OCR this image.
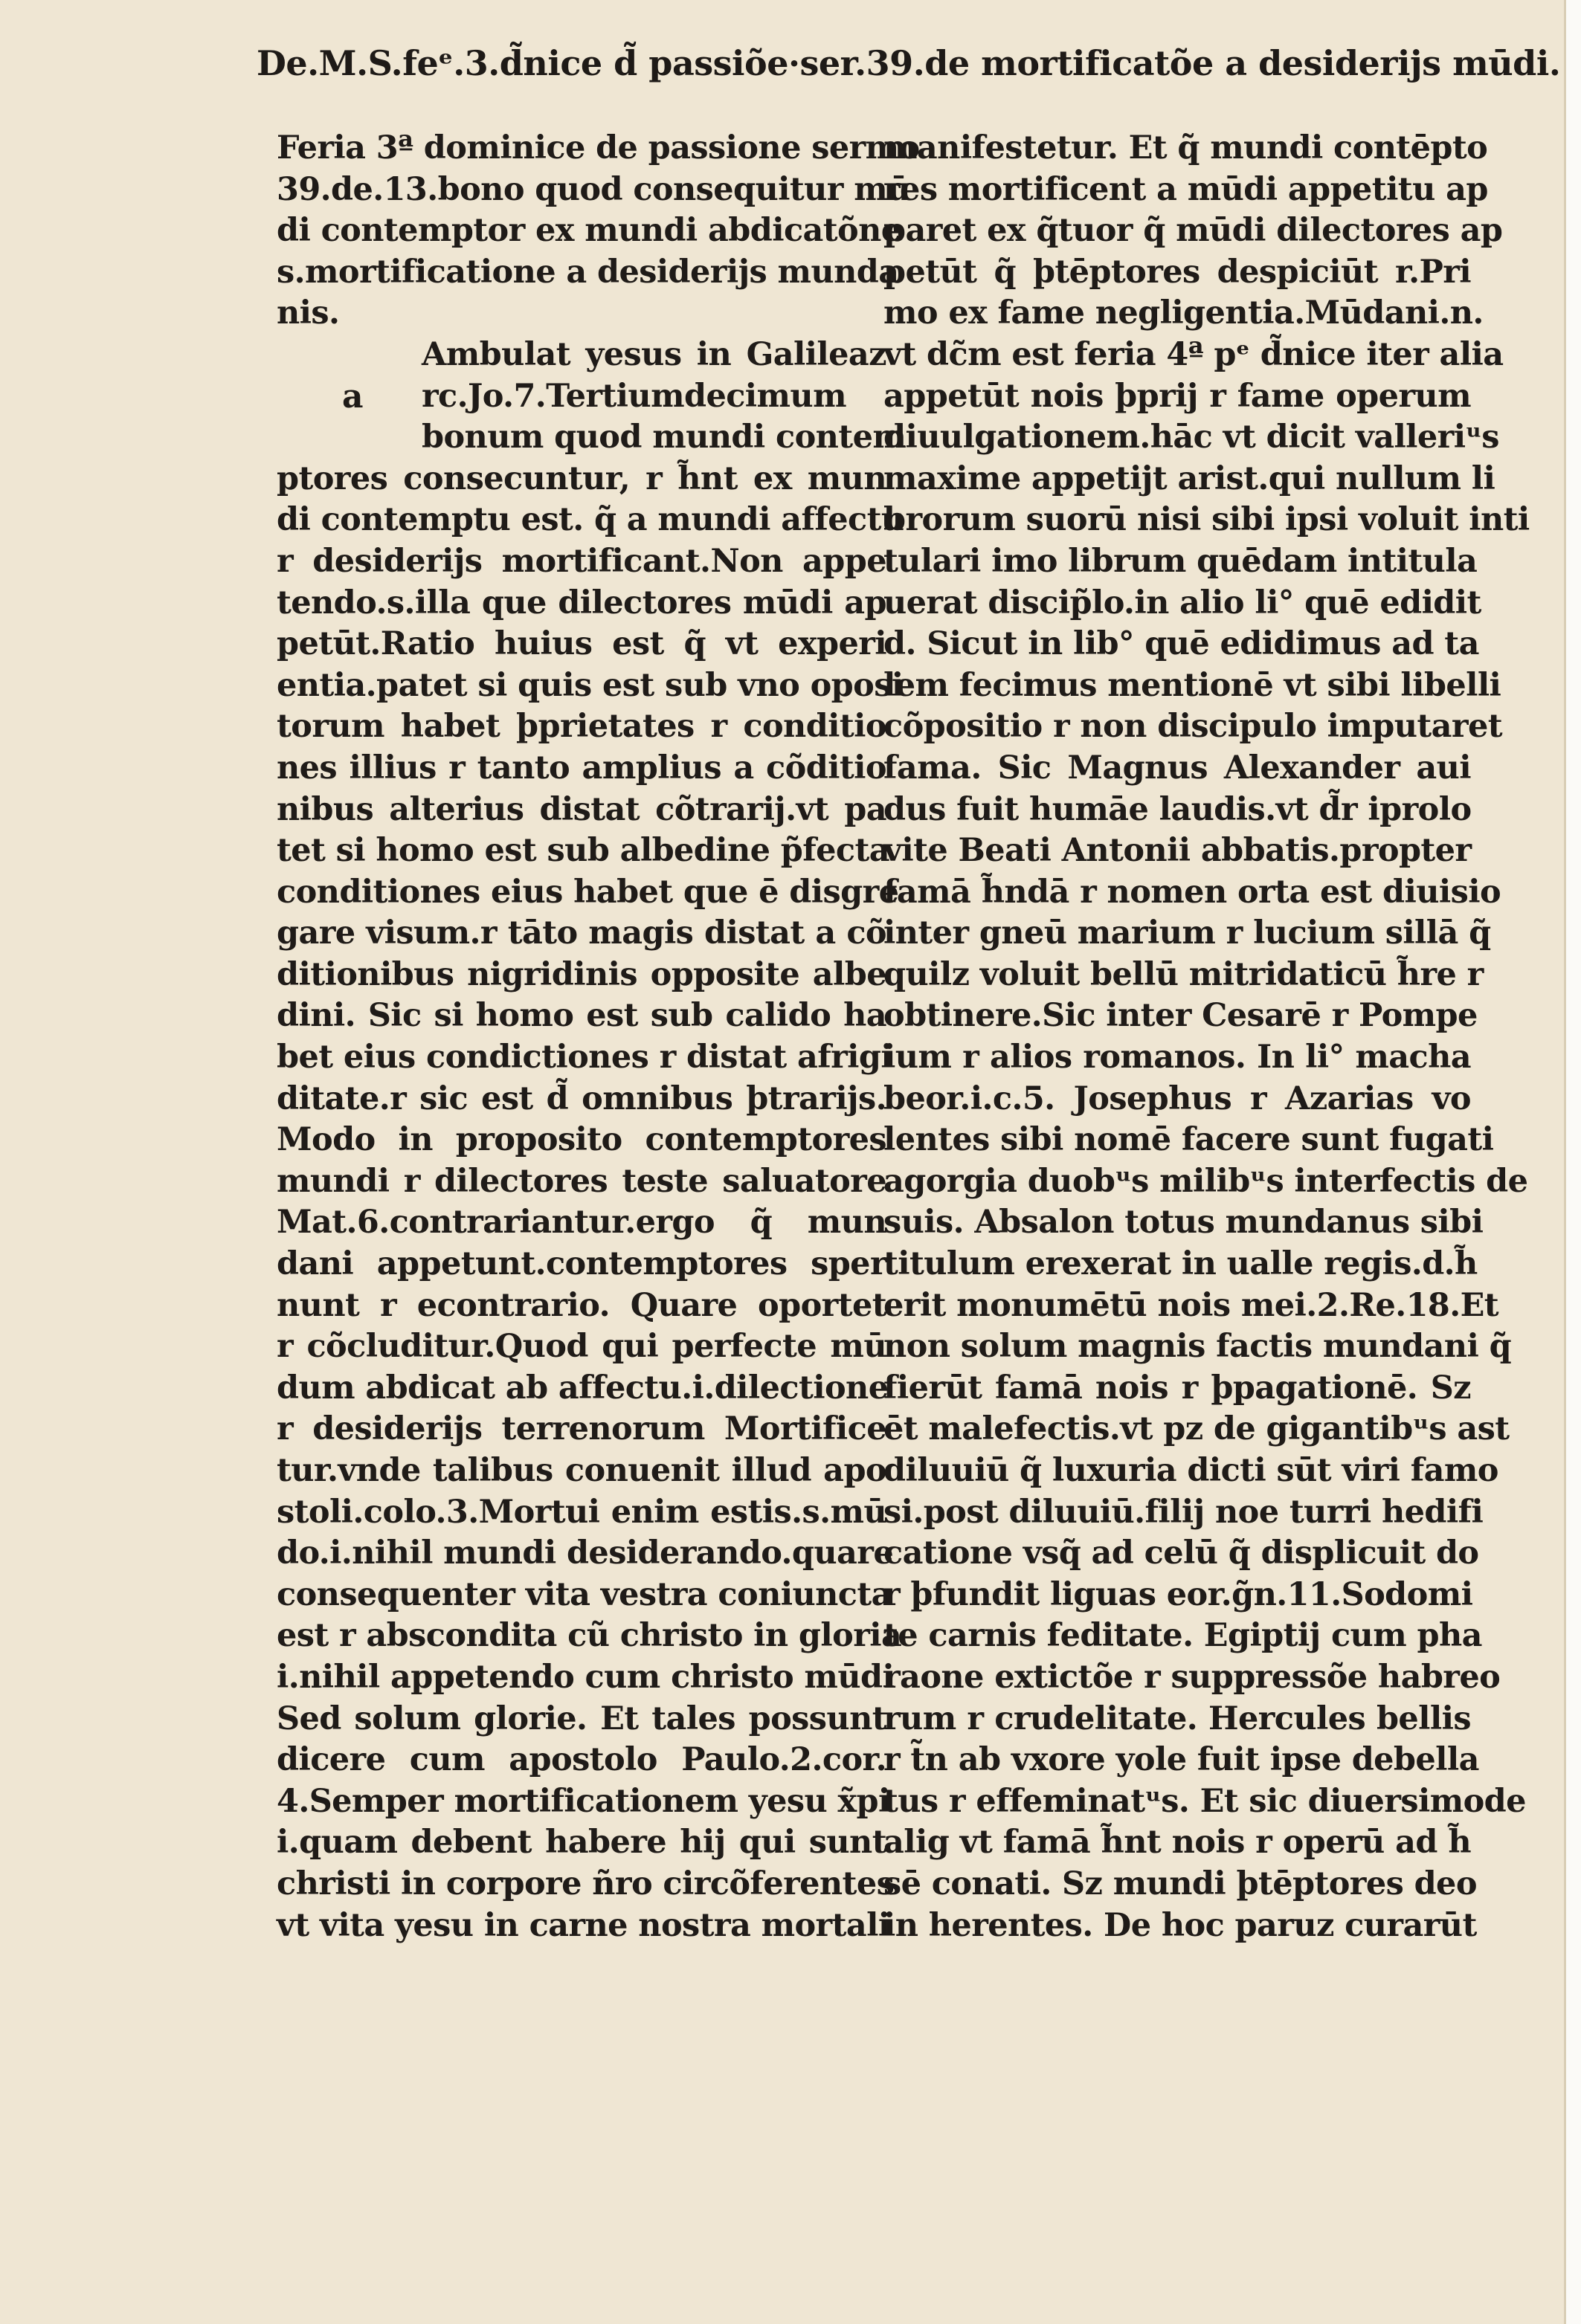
De.M.S.feᵉ.3.d̃nice d̃ passiõe·ser.39.de mortificatõe a desiderijs mūdi.
a
Feria 3ª dominice de passione sermo
39.de.13.bono quod consequitur mū
di contemptor ex mundi abdicatõne
s.mortificatione a desiderijs munda
nis.
Ambulat yesus in Galileaz
rc.Jo.7.Tertiumdecimum
bonum quod mundi contem
ptores consecuntur, r h̃nt ex mun
di contemptu est. q̃ a mundi affectu
r desiderijs mortificant.Non appe
tendo.s.illa que dilectores mūdi ap
petūt.Ratio huius est q̃ vt experi
entia.patet si quis est sub vno oposi
torum habet þprietates r conditio
nes illius r tanto amplius a cõditio
nibus alterius distat cõtrarij.vt pa
tet si homo est sub albedine p̃fecta
conditiones eius habet que ē disgre
gare visum.r tāto magis distat a cõ
ditionibus nigridinis opposite albe
dini. Sic si homo est sub calido ha
bet eius condictiones r distat afrigi
ditate.r sic est d̃ omnibus þtrarijs.
Modo in proposito contemptores
mundi r dilectores teste saluatore
Mat.6.contrariantur.ergo q̃ mun
dani appetunt.contemptores sper
nunt r econtrario. Quare oportet
r cõcluditur.Quod qui perfecte mū
dum abdicat ab affectu.i.dilectione
r desiderijs terrenorum Mortifice
tur.vnde talibus conuenit illud apo
stoli.colo.3.Mortui enim estis.s.mū
do.i.nihil mundi desiderando.quare
consequenter vita vestra coniuncta
est r abscondita cũ christo in gloria
i.nihil appetendo cum christo mūdi
Sed solum glorie. Et tales possunt
dicere cum apostolo Paulo.2.cor.
4.Semper mortificationem yesu x̃pi
i.quam debent habere hij qui sunt
christi in corpore ñro circõferentes
vt vita yesu in carne nostra mortali
manifestetur. Et q̃ mundi contēpto
res mortificent a mūdi appetitu ap
paret ex q̃tuor q̃ mūdi dilectores ap
petūt q̃ þtēptores despiciūt r.Pri
mo ex fame negligentia.Mūdani.n.
vt dc̃m est feria 4ª pᵉ d̃nice iter alia
appetūt nois þprij r fame operum
diuulgationem.hāc vt dicit valleriᵘs
maxime appetijt arist.qui nullum li
brorum suorū nisi sibi ipsi voluit inti
tulari imo librum quēdam intitula
uerat discip̃lo.in alio li° quē edidit
d. Sicut in lib° quē edidimus ad ta
lem fecimus mentionē vt sibi libelli
cõpositio r non discipulo imputaret
fama. Sic Magnus Alexander aui
dus fuit humāe laudis.vt d̃r iprolo
vite Beati Antonii abbatis.propter
famā h̃ndā r nomen orta est diuisio
inter gneū marium r lucium sillā q̃
quilz voluit bellū mitridaticū h̃re r
obtinere.Sic inter Cesarē r Pompe
ium r alios romanos. In li° macha
beor.i.c.5. Josephus r Azarias vo
lentes sibi nomē facere sunt fugati
agorgia duobᵘs milibᵘs interfectis de
suis. Absalon totus mundanus sibi
titulum erexerat in ualle regis.d.h̃
erit monumētū nois mei.2.Re.18.Et
non solum magnis factis mundani q̃
fierūt famā nois r þpagationē. Sz
ēt malefectis.vt pz de gigantibᵘs ast
diluuiū q̃ luxuria dicti sūt viri famo
si.post diluuiū.filij noe turri hedifi
catione vsq̃ ad celū q̃ displicuit do
r þfundit liguas eor.g̃n.11.Sodomi
te carnis feditate. Egiptij cum pha
raone extictõe r suppressõe habreo
rum r crudelitate. Hercules bellis
r t̃n ab vxore yole fuit ipse debella
tus r effeminatᵘs. Et sic diuersimode
alig vt famā h̃nt nois r operū ad h̃
sē conati. Sz mundi þtēptores deo
in herentes. De hoc paruz curarūt
